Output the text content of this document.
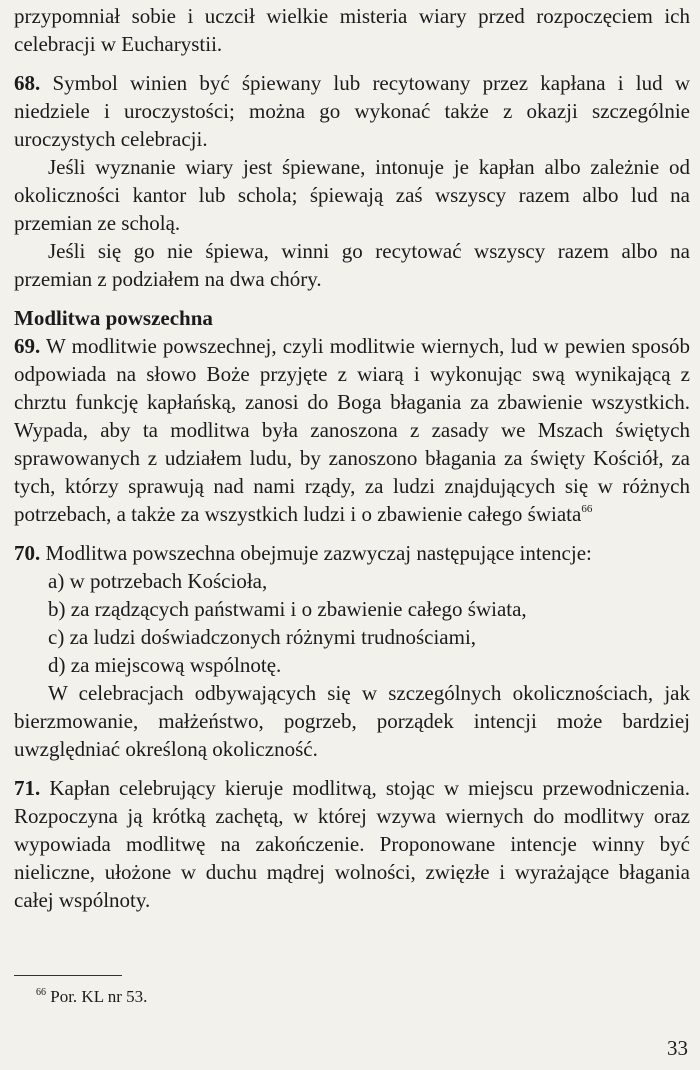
przypomniał sobie i uczcił wielkie misteria wiary przed rozpoczęciem ich celebracji w Eucharystii.

68. Symbol winien być śpiewany lub recytowany przez kapłana i lud w niedziele i uroczystości; można go wykonać także z okazji szczególnie uroczystych celebracji.

Jeśli wyznanie wiary jest śpiewane, intonuje je kapłan albo zależnie od okoliczności kantor lub schola; śpiewają zaś wszyscy razem albo lud na przemian ze scholą.

Jeśli się go nie śpiewa, winni go recytować wszyscy razem albo na przemian z podziałem na dwa chóry.

Modlitwa powszechna

69. W modlitwie powszechnej, czyli modlitwie wiernych, lud w pewien sposób odpowiada na słowo Boże przyjęte z wiarą i wykonując swą wynikającą z chrztu funkcję kapłańską, zanosi do Boga błagania za zbawienie wszystkich. Wypada, aby ta modlitwa była zanoszona z zasady we Mszach świętych sprawowanych z udziałem ludu, by zanoszono błagania za święty Kościół, za tych, którzy sprawują nad nami rządy, za ludzi znajdujących się w różnych potrzebach, a także za wszystkich ludzi i o zbawienie całego świata$^{66}$

70. Modlitwa powszechna obejmuje zazwyczaj następujące intencje:

a) w potrzebach Kościoła,

b) za rządzących państwami i o zbawienie całego świata,

c) za ludzi doświadczonych różnymi trudnościami,

d) za miejscową wspólnotę.

W celebracjach odbywających się w szczególnych okolicznościach, jak bierzmowanie, małżeństwo, pogrzeb, porządek intencji może bardziej uwzględniać określoną okoliczność.

71. Kapłan celebrujący kieruje modlitwą, stojąc w miejscu przewodniczenia. Rozpoczyna ją krótką zachętą, w której wzywa wiernych do modlitwy oraz wypowiada modlitwę na zakończenie. Proponowane intencje winny być nieliczne, ułożone w duchu mądrej wolności, zwięzłe i wyrażające błagania całej wspólnoty.

$^{66}$ Por. KL nr 53.
33
